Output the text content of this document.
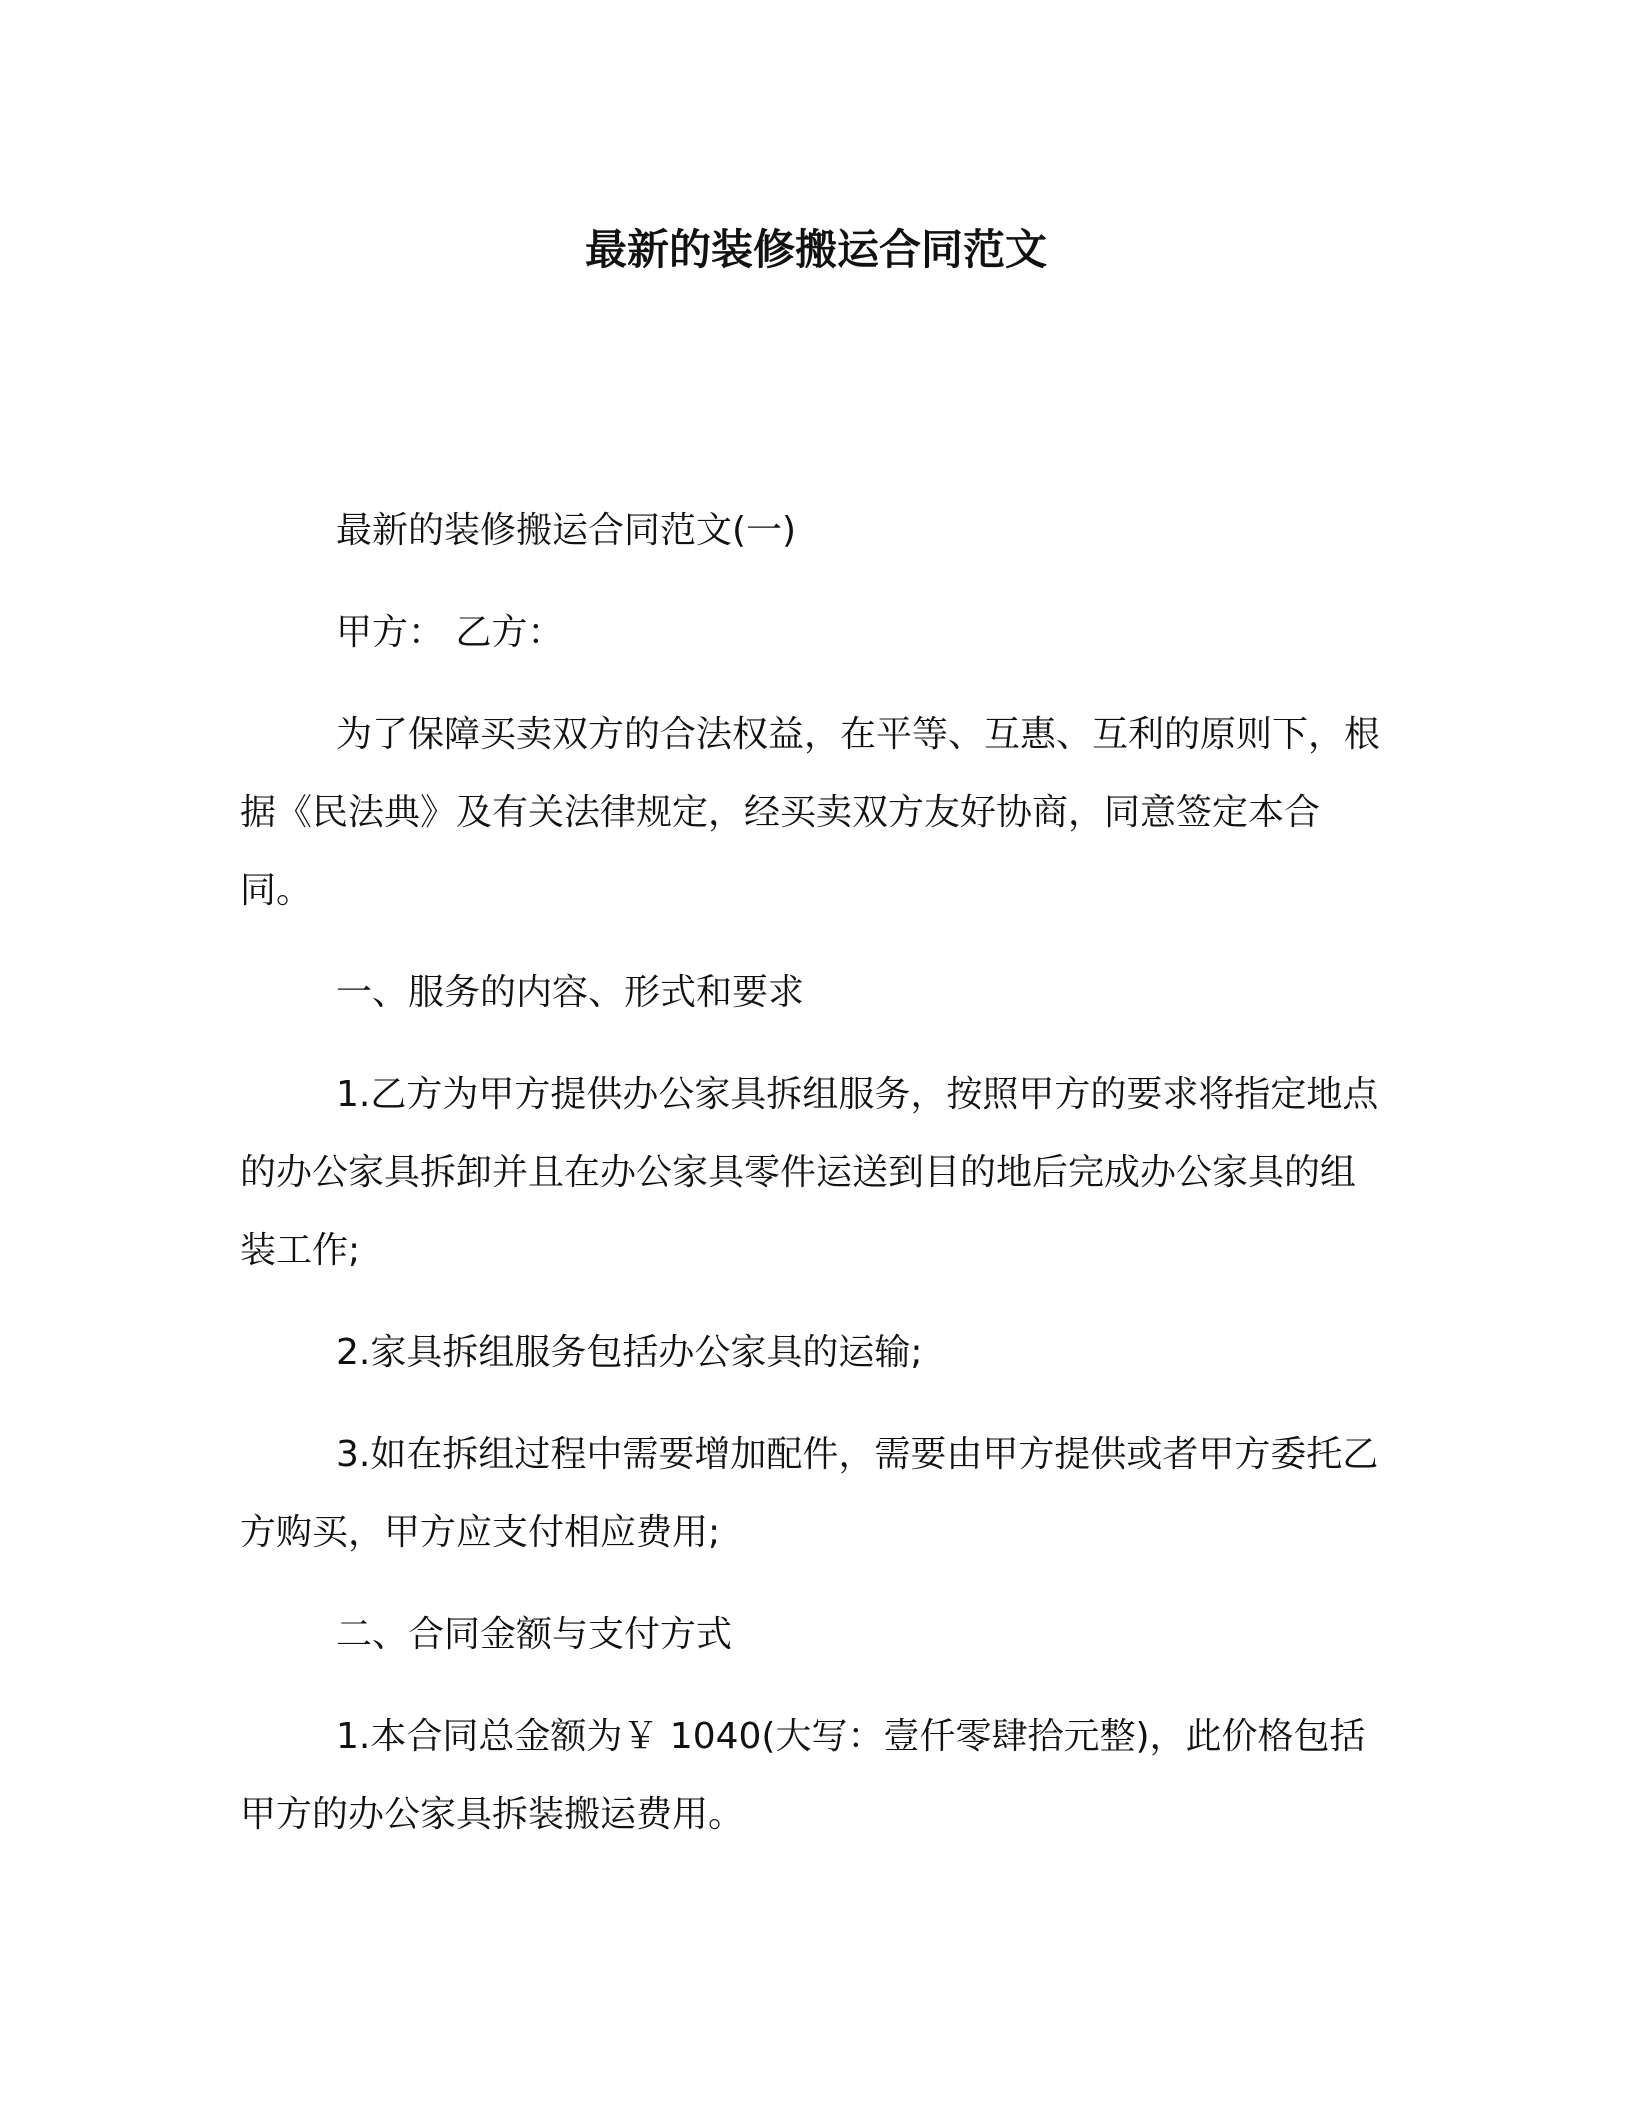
最新的装修搬运合同范文

最新的装修搬运合同范文(一)

甲方： 乙方：

为了保障买卖双方的合法权益，在平等、互惠、互利的原则下，根据《民法典》及有关法律规定，经买卖双方友好协商，同意签定本合同。

一、服务的内容、形式和要求

1.乙方为甲方提供办公家具拆组服务，按照甲方的要求将指定地点的办公家具拆卸并且在办公家具零件运送到目的地后完成办公家具的组装工作;

2.家具拆组服务包括办公家具的运输;

3.如在拆组过程中需要增加配件，需要由甲方提供或者甲方委托乙方购买，甲方应支付相应费用;

二、合同金额与支付方式

1.本合同总金额为￥ 1040(大写：壹仟零肆拾元整)，此价格包括甲方的办公家具拆装搬运费用。
